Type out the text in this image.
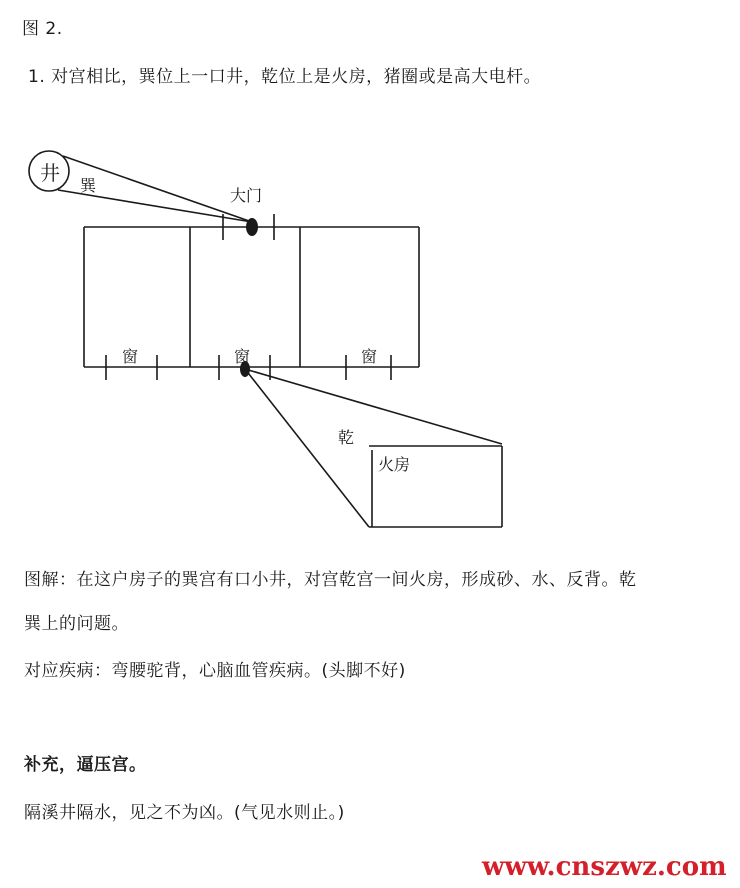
图 2.
1. 对宫相比，巽位上一口井，乾位上是火房，猪圈或是高大电杆。
井
巽
大门
窗	窗	窗
乾
火房
图解：在这户房子的巽宫有口小井，对宫乾宫一间火房，形成砂、水、反背。乾
巽上的问题。
对应疾病：弯腰驼背，心脑血管疾病。(头脚不好)
补充，逼压宫。
隔溪井隔水，见之不为凶。(气见水则止。)
www.cnszwz.com
